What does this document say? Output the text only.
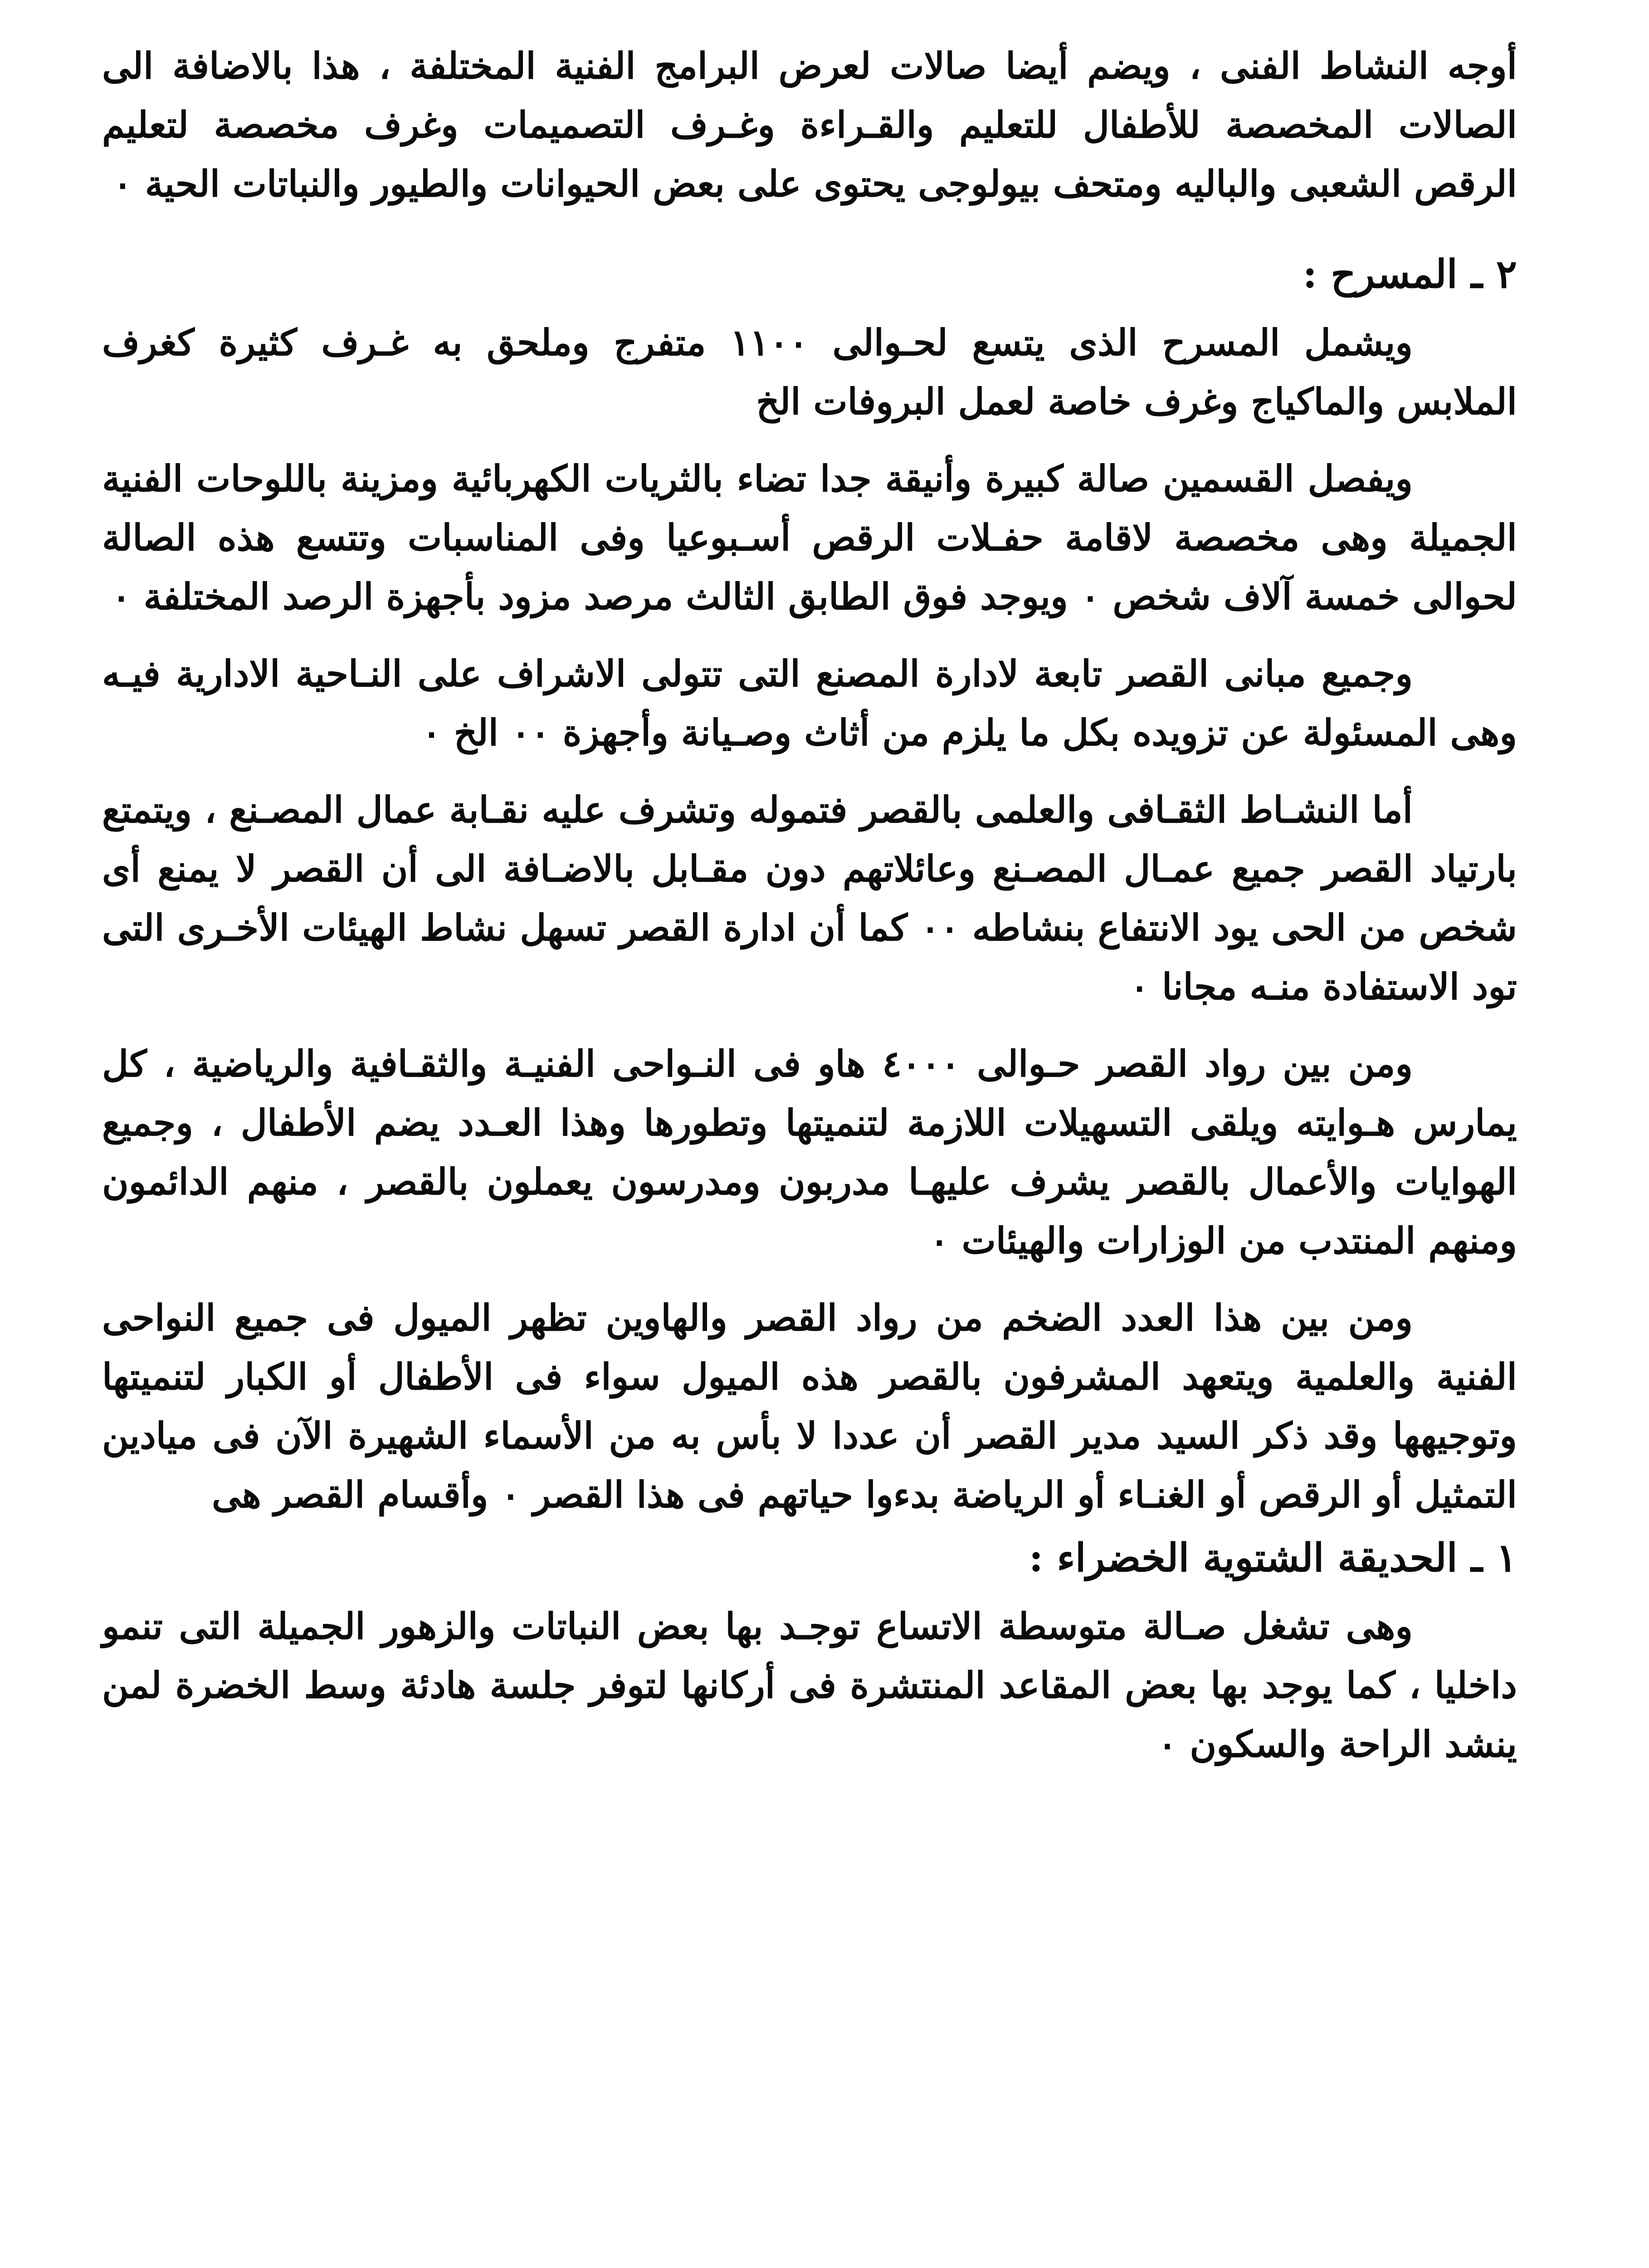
أوجه النشاط الفنى ، ويضم أيضا صالات لعرض البرامج الفنية المختلفة ، هذا بالاضافة الى الصالات المخصصة للأطفال للتعليم والقـراءة وغـرف التصميمات وغرف مخصصة لتعليم الرقص الشعبى والباليه ومتحف بيولوجى يحتوى على بعض الحيوانات والطيور والنباتات الحية ٠

٢ ـ المسرح :

ويشمل المسرح الذى يتسع لحـوالى ١١٠٠ متفرج وملحق به غـرف كثيرة كغرف الملابس والماكياج وغرف خاصة لعمل البروفات الخ

ويفصل القسمين صالة كبيرة وأنيقة جدا تضاء بالثريات الكهربائية ومزينة باللوحات الفنية الجميلة وهى مخصصة لاقامة حفـلات الرقص أسـبوعيا وفى المناسبات وتتسع هذه الصالة لحوالى خمسة آلاف شخص ٠ ويوجد فوق الطابق الثالث مرصد مزود بأجهزة الرصد المختلفة ٠

وجميع مبانى القصر تابعة لادارة المصنع التى تتولى الاشراف على النـاحية الادارية فيـه وهى المسئولة عن تزويده بكل ما يلزم من أثاث وصـيانة وأجهزة ٠٠ الخ ٠

أما النشـاط الثقـافى والعلمى بالقصر فتموله وتشرف عليه نقـابة عمال المصـنع ، ويتمتع بارتياد القصر جميع عمـال المصـنع وعائلاتهم دون مقـابل بالاضـافة الى أن القصر لا يمنع أى شخص من الحى يود الانتفاع بنشاطه ٠٠ كما أن ادارة القصر تسهل نشاط الهيئات الأخـرى التى تود الاستفادة منـه مجانا ٠

ومن بين رواد القصر حـوالى ٤٠٠٠ هاو فى النـواحى الفنيـة والثقـافية والرياضية ، كل يمارس هـوايته ويلقى التسهيلات اللازمة لتنميتها وتطورها وهذا العـدد يضم الأطفال ، وجميع الهوايات والأعمال بالقصر يشرف عليهـا مدربون ومدرسون يعملون بالقصر ، منهم الدائمون ومنهم المنتدب من الوزارات والهيئات ٠

ومن بين هذا العدد الضخم من رواد القصر والهاوين تظهر الميول فى جميع النواحى الفنية والعلمية ويتعهد المشرفون بالقصر هذه الميول سواء فى الأطفال أو الكبار لتنميتها وتوجيهها وقد ذكر السيد مدير القصر أن عددا لا بأس به من الأسماء الشهيرة الآن فى ميادين التمثيل أو الرقص أو الغنـاء أو الرياضة بدءوا حياتهم فى هذا القصر ٠ وأقسام القصر هى

١ ـ الحديقة الشتوية الخضراء :

وهى تشغل صـالة متوسطة الاتساع توجـد بها بعض النباتات والزهور الجميلة التى تنمو داخليا ، كما يوجد بها بعض المقاعد المنتشرة فى أركانها لتوفر جلسة هادئة وسط الخضرة لمن ينشد الراحة والسكون ٠
